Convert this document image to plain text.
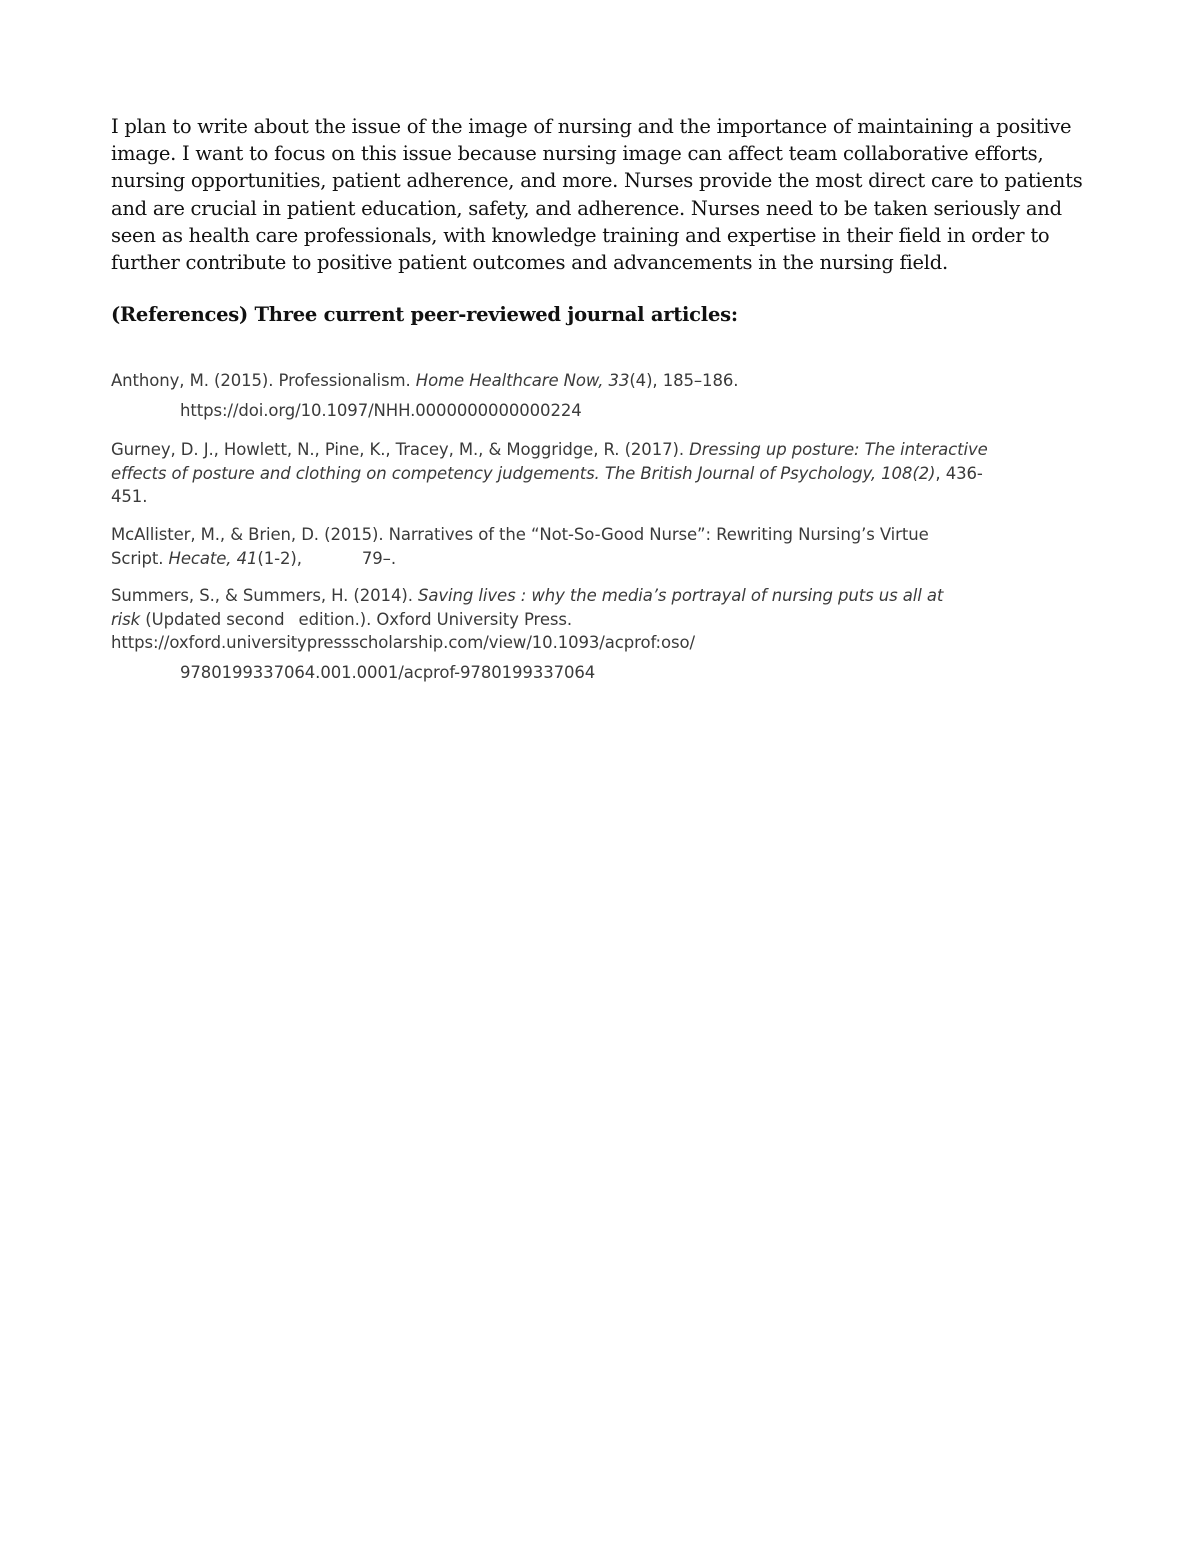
I plan to write about the issue of the image of nursing and the importance of maintaining a positive image. I want to focus on this issue because nursing image can affect team collaborative efforts, nursing opportunities, patient adherence, and more. Nurses provide the most direct care to patients and are crucial in patient education, safety, and adherence. Nurses need to be taken seriously and seen as health care professionals, with knowledge training and expertise in their field in order to further contribute to positive patient outcomes and advancements in the nursing field.

(References) Three current peer-reviewed journal articles:

Anthony, M. (2015). Professionalism. Home Healthcare Now, 33(4), 185–186.
https://doi.org/10.1097/NHH.0000000000000224
Gurney, D. J., Howlett, N., Pine, K., Tracey, M., & Moggridge, R. (2017). Dressing up posture: The interactive
effects of posture and clothing on competency judgements. The British Journal of Psychology, 108(2), 436-
451.
McAllister, M., & Brien, D. (2015). Narratives of the “Not-So-Good Nurse”: Rewriting Nursing’s Virtue
Script. Hecate, 41(1-2),	79–.
Summers, S., & Summers, H. (2014). Saving lives : why the media’s portrayal of nursing puts us all at
risk (Updated second edition.). Oxford University Press.
https://oxford.universitypressscholarship.com/view/10.1093/acprof:oso/
9780199337064.001.0001/acprof-9780199337064
